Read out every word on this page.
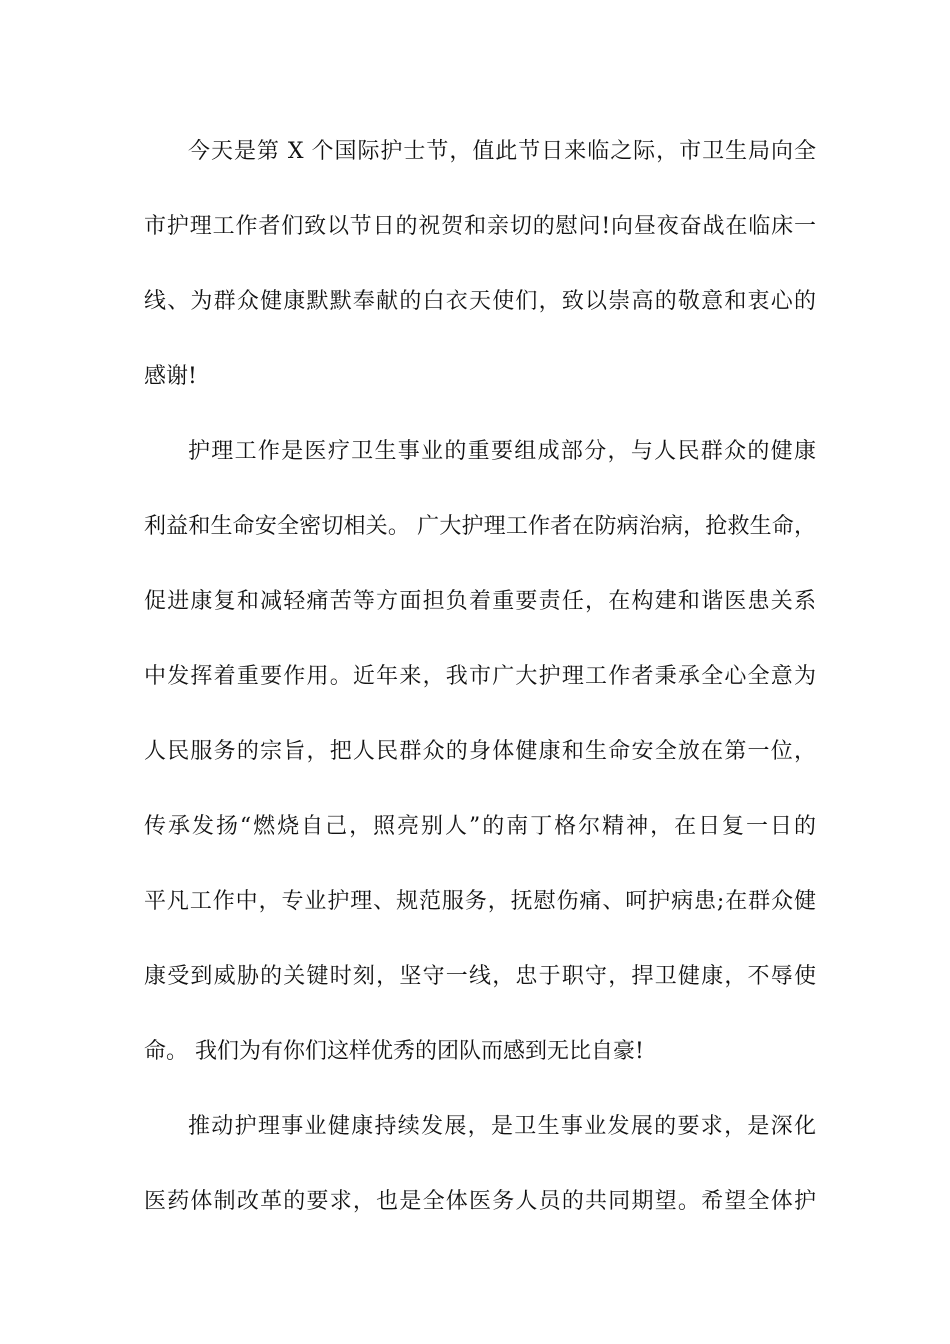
今天是第 X 个国际护士节，值此节日来临之际，市卫生局向全
市护理工作者们致以节日的祝贺和亲切的慰问!向昼夜奋战在临床一
线、为群众健康默默奉献的白衣天使们，致以崇高的敬意和衷心的
感谢!
护理工作是医疗卫生事业的重要组成部分，与人民群众的健康
利益和生命安全密切相关。 广大护理工作者在防病治病，抢救生命，
促进康复和减轻痛苦等方面担负着重要责任，在构建和谐医患关系
中发挥着重要作用。近年来，我市广大护理工作者秉承全心全意为
人民服务的宗旨，把人民群众的身体健康和生命安全放在第一位，
传承发扬“燃烧自己，照亮别人”的南丁格尔精神，在日复一日的
平凡工作中，专业护理、规范服务，抚慰伤痛、呵护病患;在群众健
康受到威胁的关键时刻，坚守一线，忠于职守，捍卫健康，不辱使
命。 我们为有你们这样优秀的团队而感到无比自豪!
推动护理事业健康持续发展，是卫生事业发展的要求，是深化
医药体制改革的要求，也是全体医务人员的共同期望。希望全体护
